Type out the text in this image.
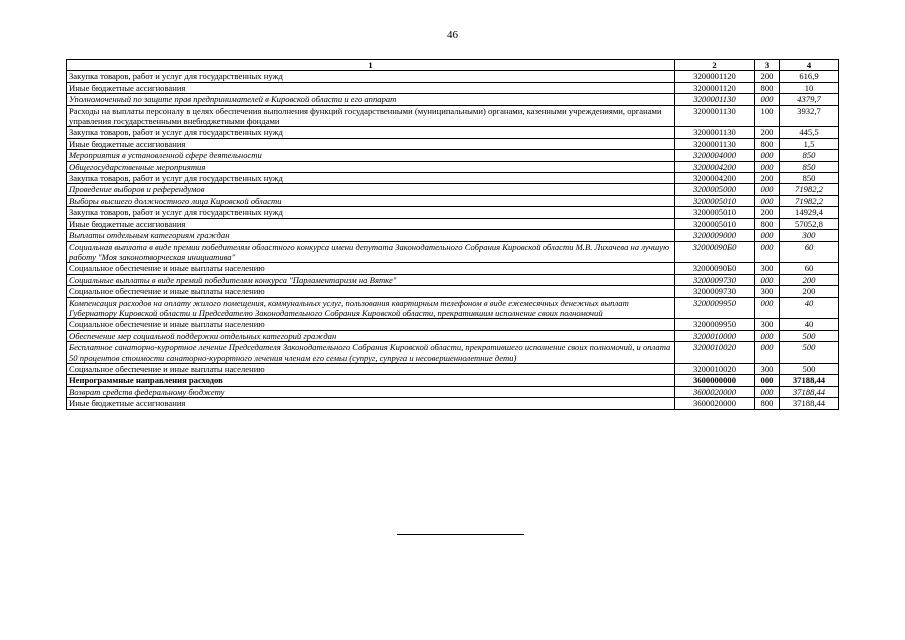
46
1	2	3	4
Закупка товаров, работ и услуг для государственных нужд	3200001120	200	616,9
Иные бюджетные ассигнования	3200001120	800	10
Уполномоченный по защите прав предпринимателей в Кировской области и его аппарат	3200001130	000	4379,7
Расходы на выплаты персоналу в целях обеспечения выполнения функций государственными (муниципальными) органами, казенными учреждениями, органами управления государственными внебюджетными фондами	3200001130	100	3932,7
Закупка товаров, работ и услуг для государственных нужд	3200001130	200	445,5
Иные бюджетные ассигнования	3200001130	800	1,5
Мероприятия в установленной сфере деятельности	3200004000	000	850
Общегосударственные мероприятия	3200004200	000	850
Закупка товаров, работ и услуг для государственных нужд	3200004200	200	850
Проведение выборов и референдумов	3200005000	000	71982,2
Выборы высшего должностного лица Кировской области	3200005010	000	71982,2
Закупка товаров, работ и услуг для государственных нужд	3200005010	200	14929,4
Иные бюджетные ассигнования	3200005010	800	57052,8
Выплаты отдельным категориям граждан	3200009000	000	300
Социальная выплата в виде премии победителям областного конкурса имени депутата Законодательного Собрания Кировской области М.В. Лихачева на лучшую работу "Моя законотворческая инициатива"	32000090Б0	000	60
Социальное обеспечение и иные выплаты населению	32000090Б0	300	60
Социальные выплаты в виде премий победителям конкурса "Парламентаризм на Вятке"	3200009730	000	200
Социальное обеспечение и иные выплаты населению	3200009730	300	200
Компенсация расходов на оплату жилого помещения, коммунальных услуг, пользования квартирным телефоном в виде ежемесячных денежных выплат Губернатору Кировской области и Председателю Законодательного Собрания Кировской области, прекратившим исполнение своих полномочий	3200009950	000	40
Социальное обеспечение и иные выплаты населению	3200009950	300	40
Обеспечение мер социальной поддержки отдельных категорий граждан	3200010000	000	500
Бесплатное санаторно-курортное лечение Председателя Законодательного Собрания Кировской области, прекратившего исполнение своих полномочий, и оплата 50 процентов стоимости санаторно-курортного лечения членам его семьи (супруг, супруга и несовершеннолетние дети)	3200010020	000	500
Социальное обеспечение и иные выплаты населению	3200010020	300	500
Непрограммные направления расходов	3600000000	000	37188,44
Возврат средств федеральному бюджету	3600020000	000	37188,44
Иные бюджетные ассигнования	3600020000	800	37188,44
